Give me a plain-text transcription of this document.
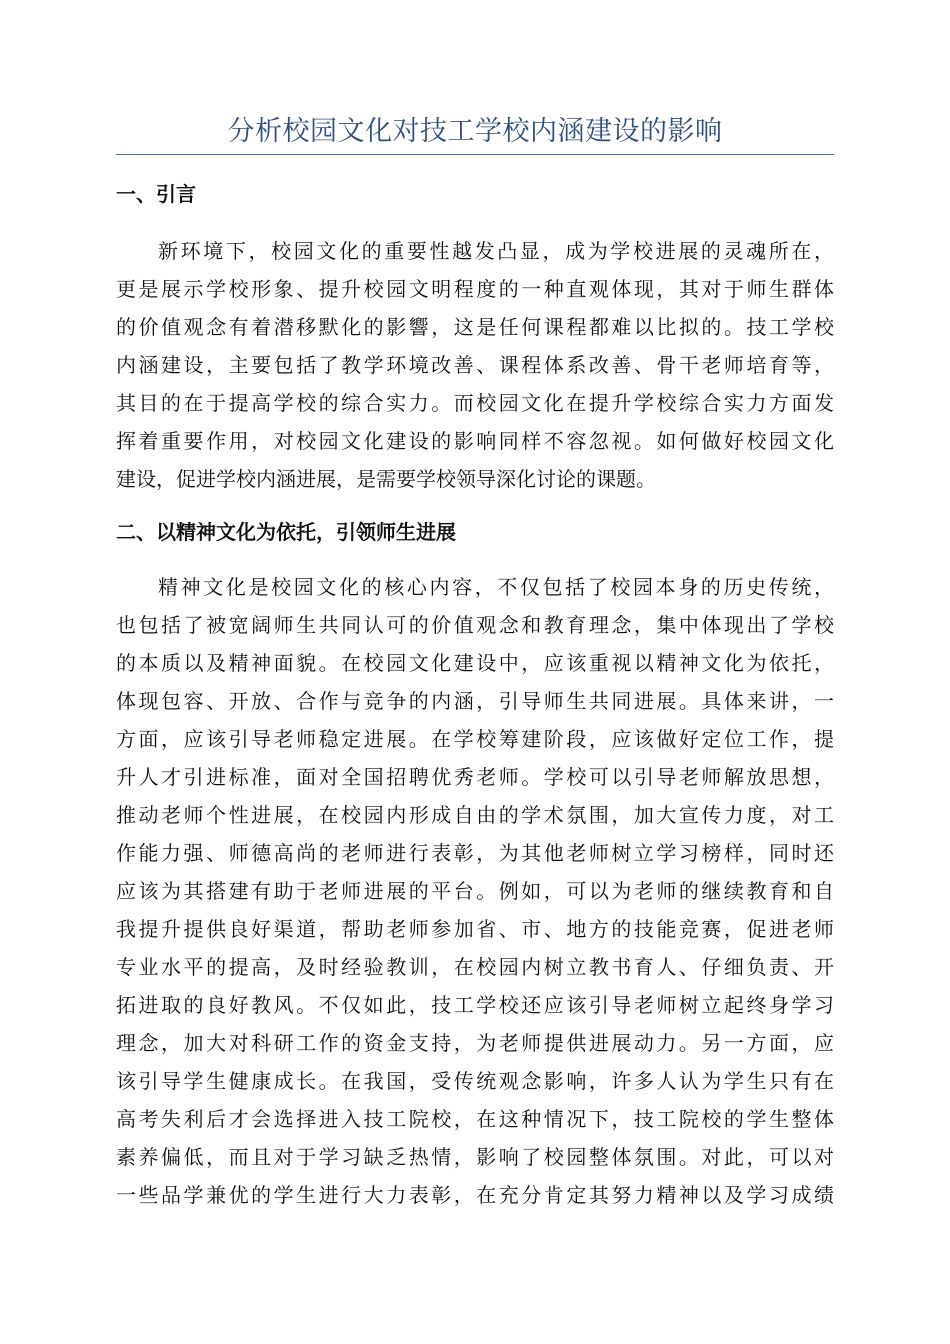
分析校园文化对技工学校内涵建设的影响
一、引言
新环境下，校园文化的重要性越发凸显，成为学校进展的灵魂所在，
更是展示学校形象、提升校园文明程度的一种直观体现，其对于师生群体
的价值观念有着潜移默化的影響，这是任何课程都难以比拟的。技工学校
内涵建设，主要包括了教学环境改善、课程体系改善、骨干老师培育等，
其目的在于提高学校的综合实力。而校园文化在提升学校综合实力方面发
挥着重要作用，对校园文化建设的影响同样不容忽视。如何做好校园文化
建设，促进学校内涵进展，是需要学校领导深化讨论的课题。
二、以精神文化为依托，引领师生进展
精神文化是校园文化的核心内容，不仅包括了校园本身的历史传统，
也包括了被宽阔师生共同认可的价值观念和教育理念，集中体现出了学校
的本质以及精神面貌。在校园文化建设中，应该重视以精神文化为依托，
体现包容、开放、合作与竞争的内涵，引导师生共同进展。具体来讲，一
方面，应该引导老师稳定进展。在学校筹建阶段，应该做好定位工作，提
升人才引进标准，面对全国招聘优秀老师。学校可以引导老师解放思想，
推动老师个性进展，在校园内形成自由的学术氛围，加大宣传力度，对工
作能力强、师德高尚的老师进行表彰，为其他老师树立学习榜样，同时还
应该为其搭建有助于老师进展的平台。例如，可以为老师的继续教育和自
我提升提供良好渠道，帮助老师参加省、市、地方的技能竞赛，促进老师
专业水平的提高，及时经验教训，在校园内树立教书育人、仔细负责、开
拓进取的良好教风。不仅如此，技工学校还应该引导老师树立起终身学习
理念，加大对科研工作的资金支持，为老师提供进展动力。另一方面，应
该引导学生健康成长。在我国，受传统观念影响，许多人认为学生只有在
高考失利后才会选择进入技工院校，在这种情况下，技工院校的学生整体
素养偏低，而且对于学习缺乏热情，影响了校园整体氛围。对此，可以对
一些品学兼优的学生进行大力表彰，在充分肯定其努力精神以及学习成绩
